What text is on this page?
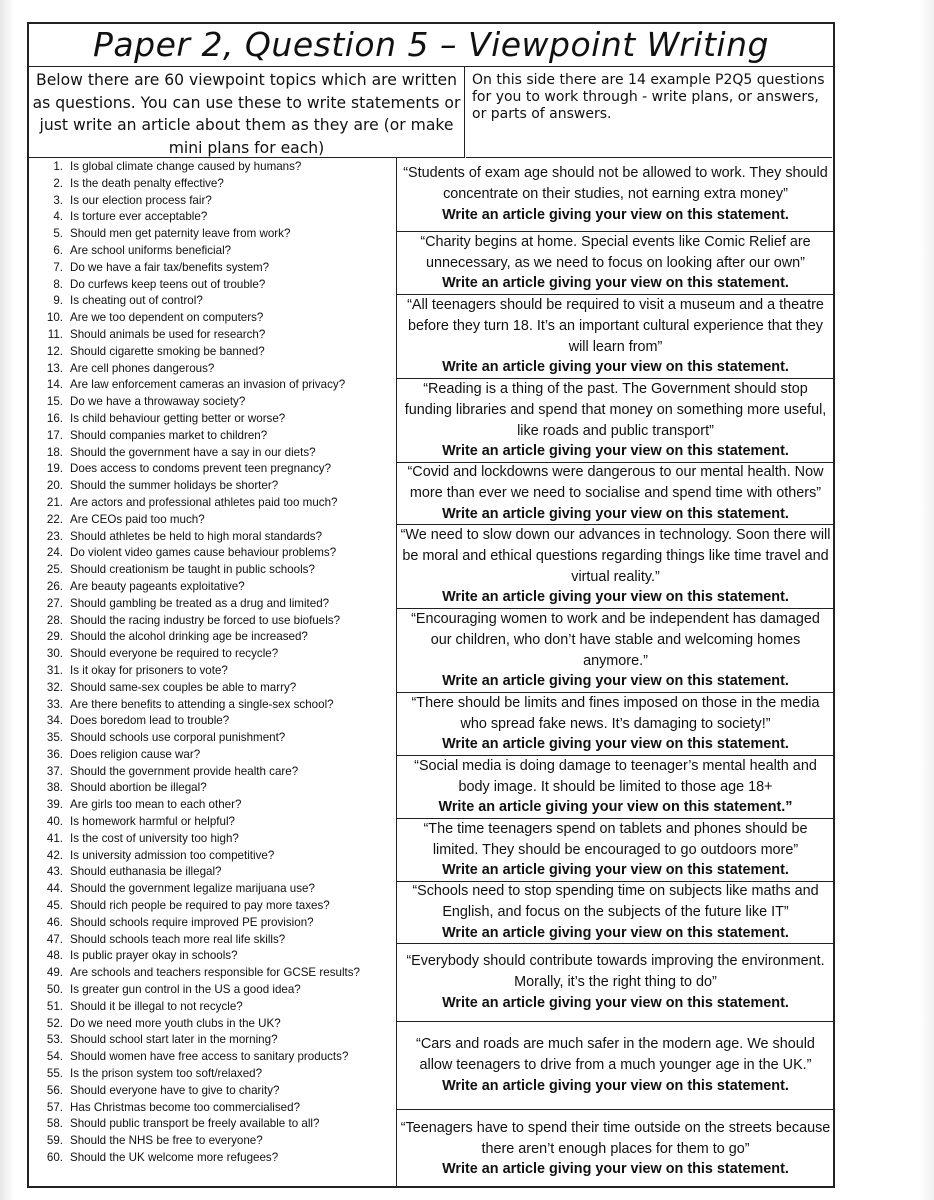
Paper 2, Question 5 – Viewpoint Writing
Below there are 60 viewpoint topics which are written as questions. You can use these to write statements or just write an article about them as they are (or make mini plans for each)
On this side there are 14 example P2Q5 questions for you to work through - write plans, or answers, or parts of answers.
1. Is global climate change caused by humans?
2. Is the death penalty effective?
3. Is our election process fair?
4. Is torture ever acceptable?
5. Should men get paternity leave from work?
6. Are school uniforms beneficial?
7. Do we have a fair tax/benefits system?
8. Do curfews keep teens out of trouble?
9. Is cheating out of control?
10. Are we too dependent on computers?
11. Should animals be used for research?
12. Should cigarette smoking be banned?
13. Are cell phones dangerous?
14. Are law enforcement cameras an invasion of privacy?
15. Do we have a throwaway society?
16. Is child behaviour getting better or worse?
17. Should companies market to children?
18. Should the government have a say in our diets?
19. Does access to condoms prevent teen pregnancy?
20. Should the summer holidays be shorter?
21. Are actors and professional athletes paid too much?
22. Are CEOs paid too much?
23. Should athletes be held to high moral standards?
24. Do violent video games cause behaviour problems?
25. Should creationism be taught in public schools?
26. Are beauty pageants exploitative?
27. Should gambling be treated as a drug and limited?
28. Should the racing industry be forced to use biofuels?
29. Should the alcohol drinking age be increased?
30. Should everyone be required to recycle?
31. Is it okay for prisoners to vote?
32. Should same-sex couples be able to marry?
33. Are there benefits to attending a single-sex school?
34. Does boredom lead to trouble?
35. Should schools use corporal punishment?
36. Does religion cause war?
37. Should the government provide health care?
38. Should abortion be illegal?
39. Are girls too mean to each other?
40. Is homework harmful or helpful?
41. Is the cost of university too high?
42. Is university admission too competitive?
43. Should euthanasia be illegal?
44. Should the government legalize marijuana use?
45. Should rich people be required to pay more taxes?
46. Should schools require improved PE provision?
47. Should schools teach more real life skills?
48. Is public prayer okay in schools?
49. Are schools and teachers responsible for GCSE results?
50. Is greater gun control in the US a good idea?
51. Should it be illegal to not recycle?
52. Do we need more youth clubs in the UK?
53. Should school start later in the morning?
54. Should women have free access to sanitary products?
55. Is the prison system too soft/relaxed?
56. Should everyone have to give to charity?
57. Has Christmas become too commercialised?
58. Should public transport be freely available to all?
59. Should the NHS be free to everyone?
60. Should the UK welcome more refugees?
“Students of exam age should not be allowed to work. They should concentrate on their studies, not earning extra money”
Write an article giving your view on this statement.
“Charity begins at home. Special events like Comic Relief are unnecessary, as we need to focus on looking after our own”
Write an article giving your view on this statement.
“All teenagers should be required to visit a museum and a theatre before they turn 18. It’s an important cultural experience that they will learn from”
Write an article giving your view on this statement.
“Reading is a thing of the past. The Government should stop funding libraries and spend that money on something more useful, like roads and public transport”
Write an article giving your view on this statement.
“Covid and lockdowns were dangerous to our mental health. Now more than ever we need to socialise and spend time with others” Write an article giving your view on this statement.
“We need to slow down our advances in technology. Soon there will be moral and ethical questions regarding things like time travel and virtual reality.”
Write an article giving your view on this statement.
“Encouraging women to work and be independent has damaged our children, who don’t have stable and welcoming homes anymore.”
Write an article giving your view on this statement.
“There should be limits and fines imposed on those in the media who spread fake news. It’s damaging to society!”
Write an article giving your view on this statement.
“Social media is doing damage to teenager’s mental health and body image. It should be limited to those age 18+
Write an article giving your view on this statement.”
“The time teenagers spend on tablets and phones should be limited. They should be encouraged to go outdoors more”
Write an article giving your view on this statement.
“Schools need to stop spending time on subjects like maths and English, and focus on the subjects of the future like IT”
Write an article giving your view on this statement.
“Everybody should contribute towards improving the environment. Morally, it’s the right thing to do”
Write an article giving your view on this statement.
“Cars and roads are much safer in the modern age. We should allow teenagers to drive from a much younger age in the UK.”
Write an article giving your view on this statement.
“Teenagers have to spend their time outside on the streets because there aren’t enough places for them to go”
Write an article giving your view on this statement.
